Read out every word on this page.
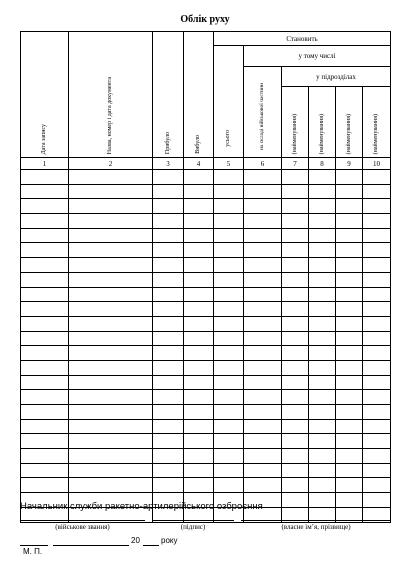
Облік руху
Дата запису	Назва, номер і дата документа	Прибуло	Вибуло	Становить					

				усього	у тому числі				

					на складі військової частини	у підрозділах			

						(найменування)	(найменування)	(найменування)	(найменування)

1	2	3	4	5	6	7	8	9	10

Начальник служби ракетно-артилерійського озброєння
(військове звання)	(підпис)	(власне ім’я, прізвище)
20	року
М. П.
